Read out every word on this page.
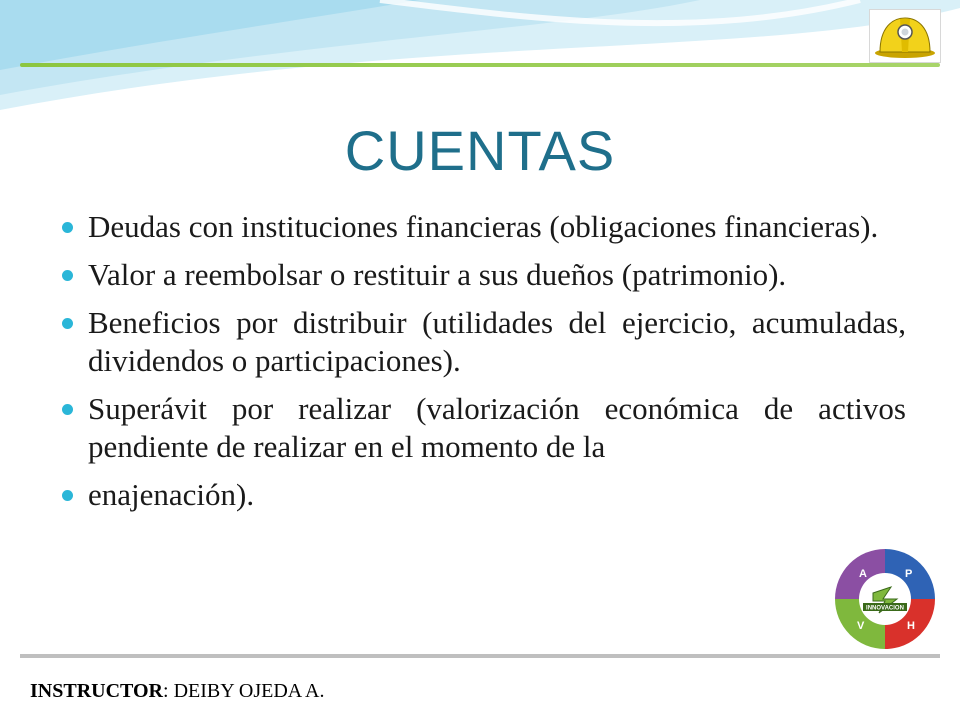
CUENTAS
Deudas con instituciones financieras (obligaciones financieras).
Valor a reembolsar o restituir a sus dueños (patrimonio).
Beneficios por distribuir (utilidades del ejercicio, acumuladas, dividendos o participaciones).
Superávit por realizar (valorización económica de activos pendiente de realizar en el momento de la
enajenación).
INNOVACION
A	P
V	H
INSTRUCTOR: DEIBY OJEDA A.
